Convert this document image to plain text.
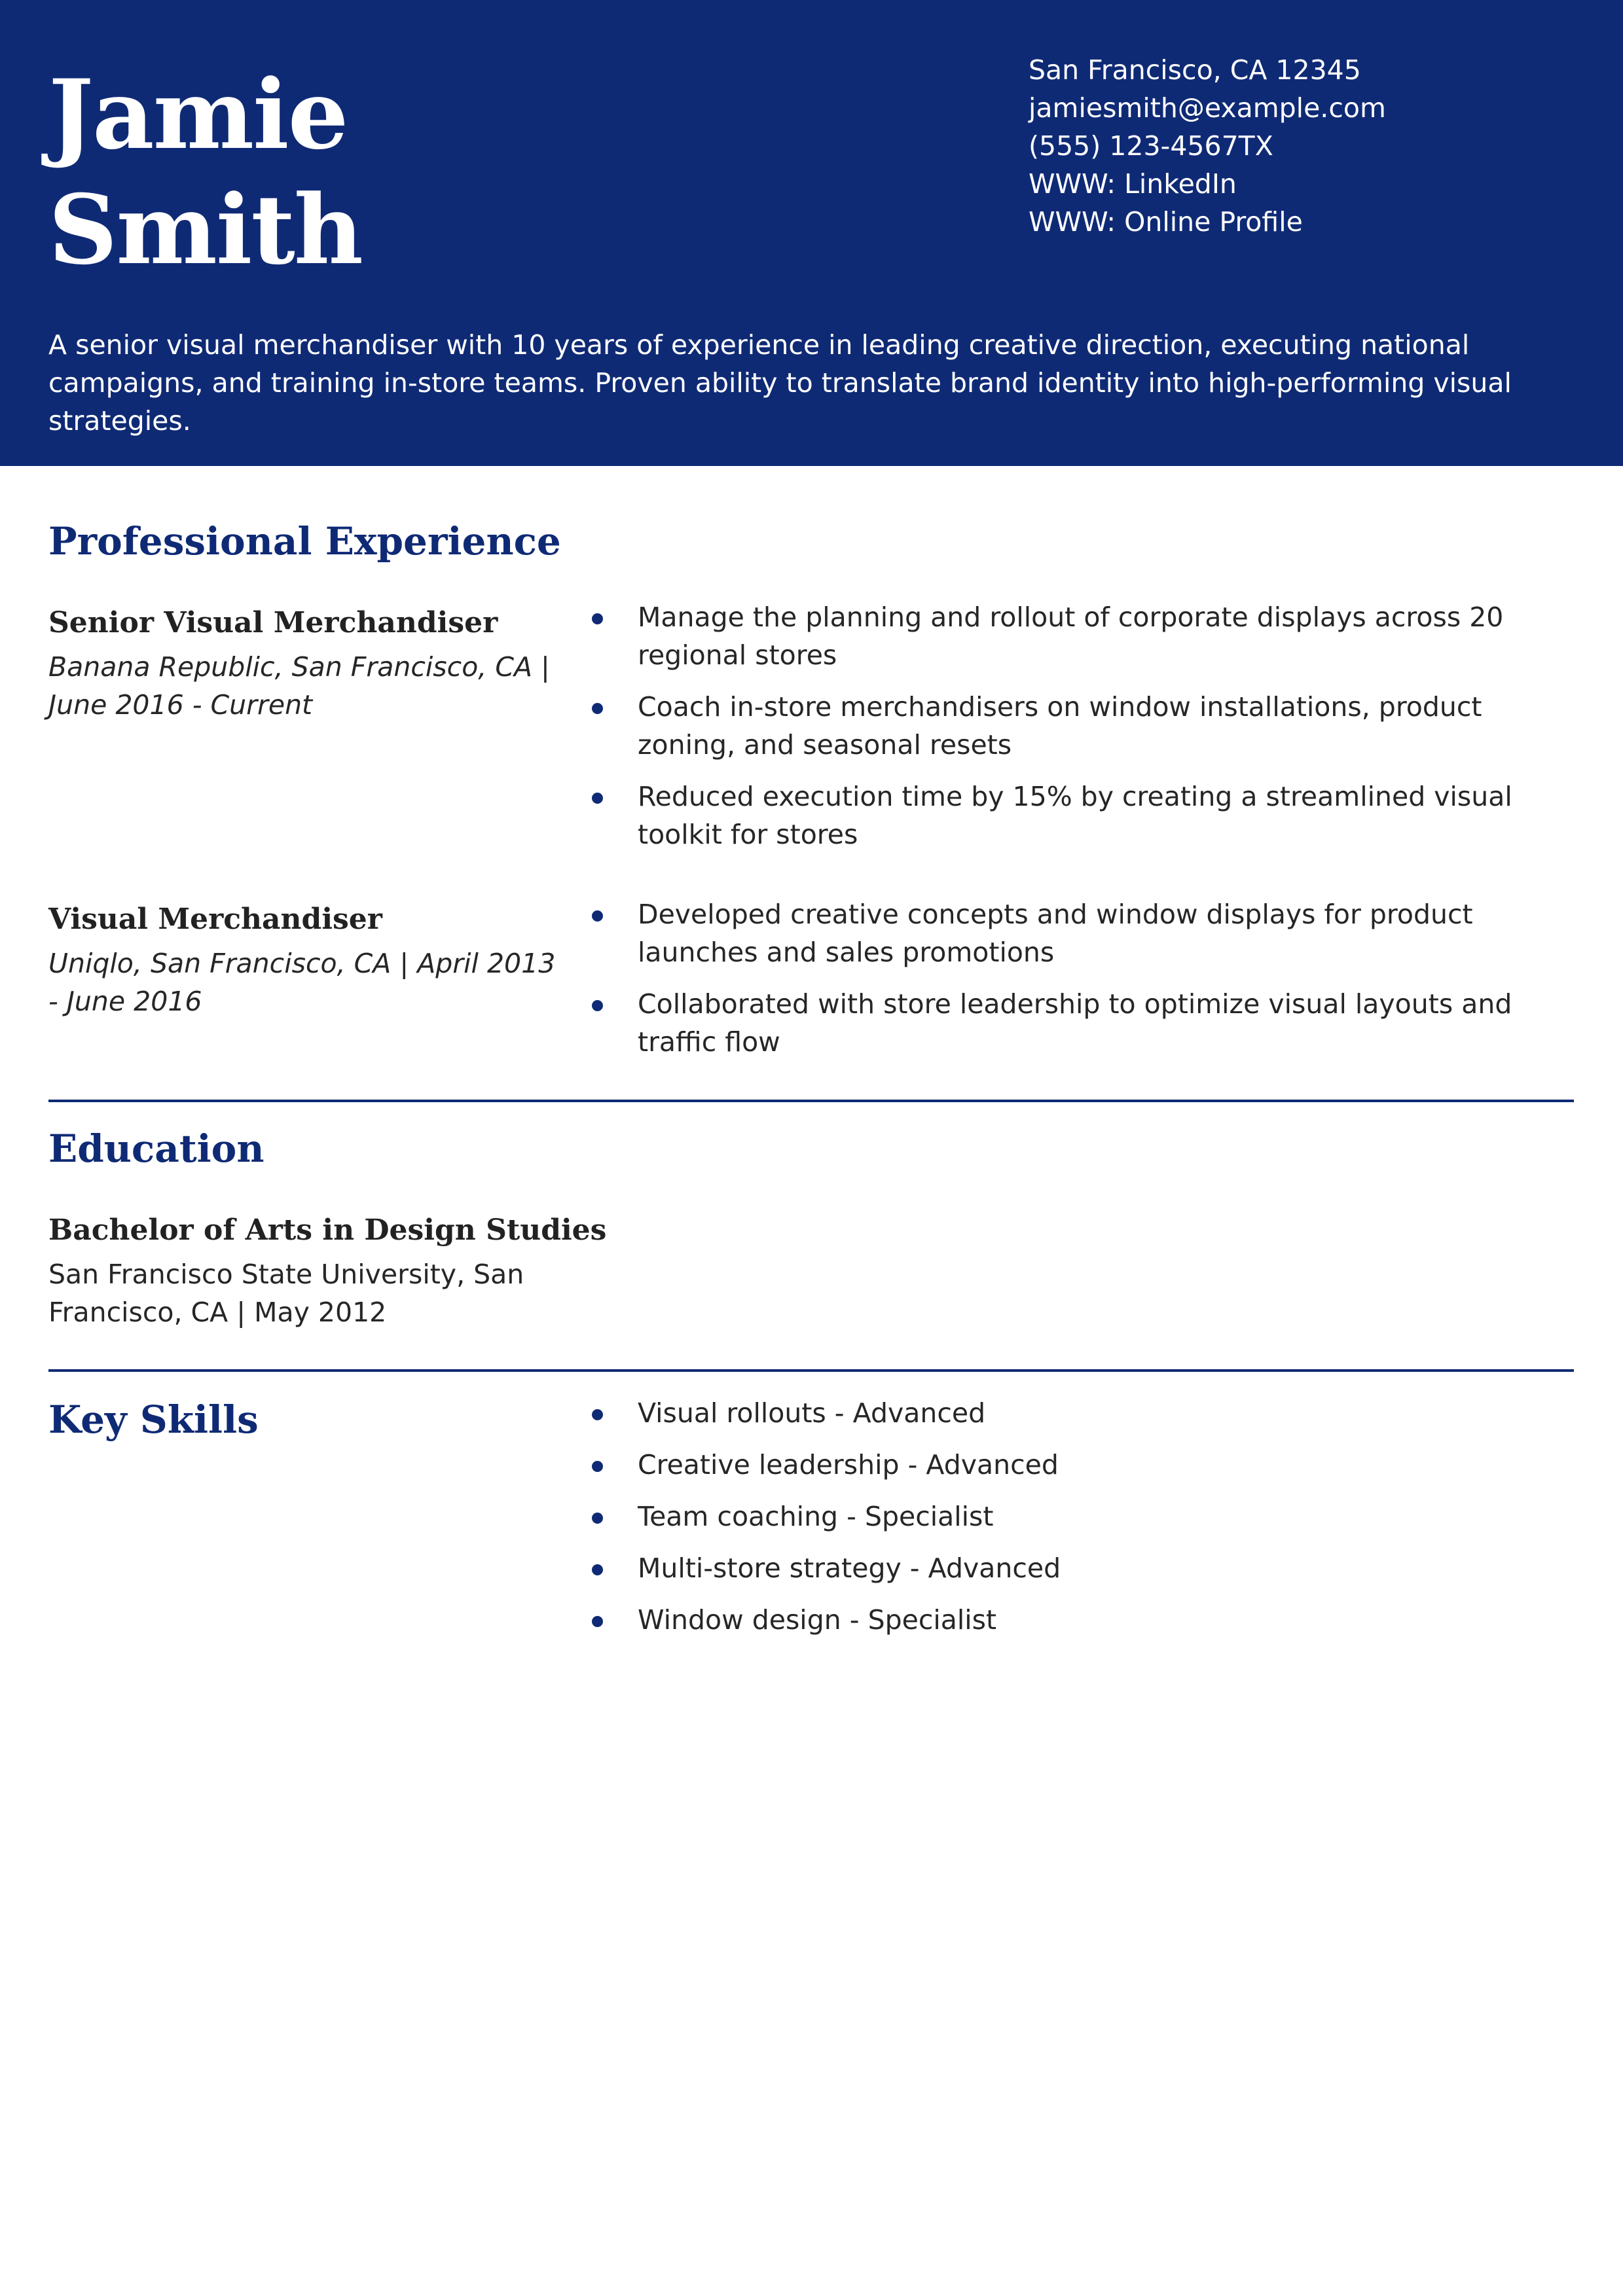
Jamie
Smith
San Francisco, CA 12345
jamiesmith@example.com
(555) 123-4567TX
WWW: LinkedIn
WWW: Online Profile
A senior visual merchandiser with 10 years of experience in leading creative direction, executing national campaigns, and training in-store teams. Proven ability to translate brand identity into high-performing visual strategies.
Professional Experience
Senior Visual Merchandiser
Banana Republic, San Francisco, CA | June 2016 - Current
Manage the planning and rollout of corporate displays across 20 regional stores
Coach in-store merchandisers on window installations, product zoning, and seasonal resets
Reduced execution time by 15% by creating a streamlined visual toolkit for stores
Visual Merchandiser
Uniqlo, San Francisco, CA | April 2013 - June 2016
Developed creative concepts and window displays for product launches and sales promotions
Collaborated with store leadership to optimize visual layouts and traffic flow
Education
Bachelor of Arts in Design Studies
San Francisco State University, San Francisco, CA | May 2012
Key Skills	Visual rollouts - Advanced
Creative leadership - Advanced
Team coaching - Specialist
Multi-store strategy - Advanced
Window design - Specialist
